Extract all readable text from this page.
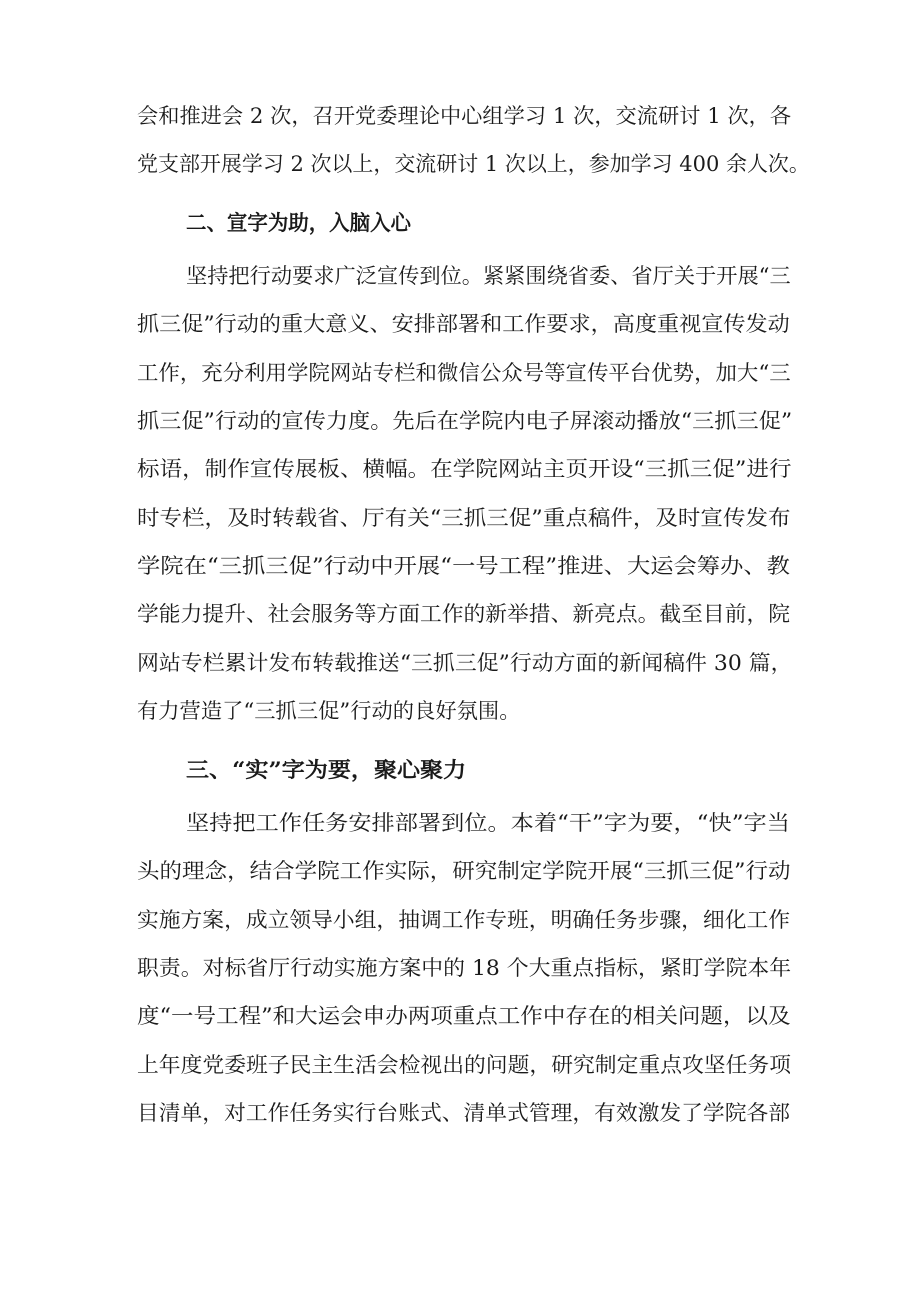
会和推进会 2 次，召开党委理论中心组学习 1 次，交流研讨 1 次，各
党支部开展学习 2 次以上，交流研讨 1 次以上，参加学习 400 余人次。
二、宣字为助，入脑入心
坚持把行动要求广泛宣传到位。紧紧围绕省委、省厅关于开展“三
抓三促”行动的重大意义、安排部署和工作要求，高度重视宣传发动
工作，充分利用学院网站专栏和微信公众号等宣传平台优势，加大“三
抓三促”行动的宣传力度。先后在学院内电子屏滚动播放“三抓三促”
标语，制作宣传展板、横幅。在学院网站主页开设“三抓三促”进行
时专栏，及时转载省、厅有关“三抓三促”重点稿件，及时宣传发布
学院在“三抓三促”行动中开展“一号工程”推进、大运会筹办、教
学能力提升、社会服务等方面工作的新举措、新亮点。截至目前，院
网站专栏累计发布转载推送“三抓三促”行动方面的新闻稿件 30 篇，
有力营造了“三抓三促”行动的良好氛围。
三、“实”字为要，聚心聚力
坚持把工作任务安排部署到位。本着“干”字为要，“快”字当
头的理念，结合学院工作实际，研究制定学院开展“三抓三促”行动
实施方案，成立领导小组，抽调工作专班，明确任务步骤，细化工作
职责。对标省厅行动实施方案中的 18 个大重点指标，紧盯学院本年
度“一号工程”和大运会申办两项重点工作中存在的相关问题，以及
上年度党委班子民主生活会检视出的问题，研究制定重点攻坚任务项
目清单，对工作任务实行台账式、清单式管理，有效激发了学院各部
